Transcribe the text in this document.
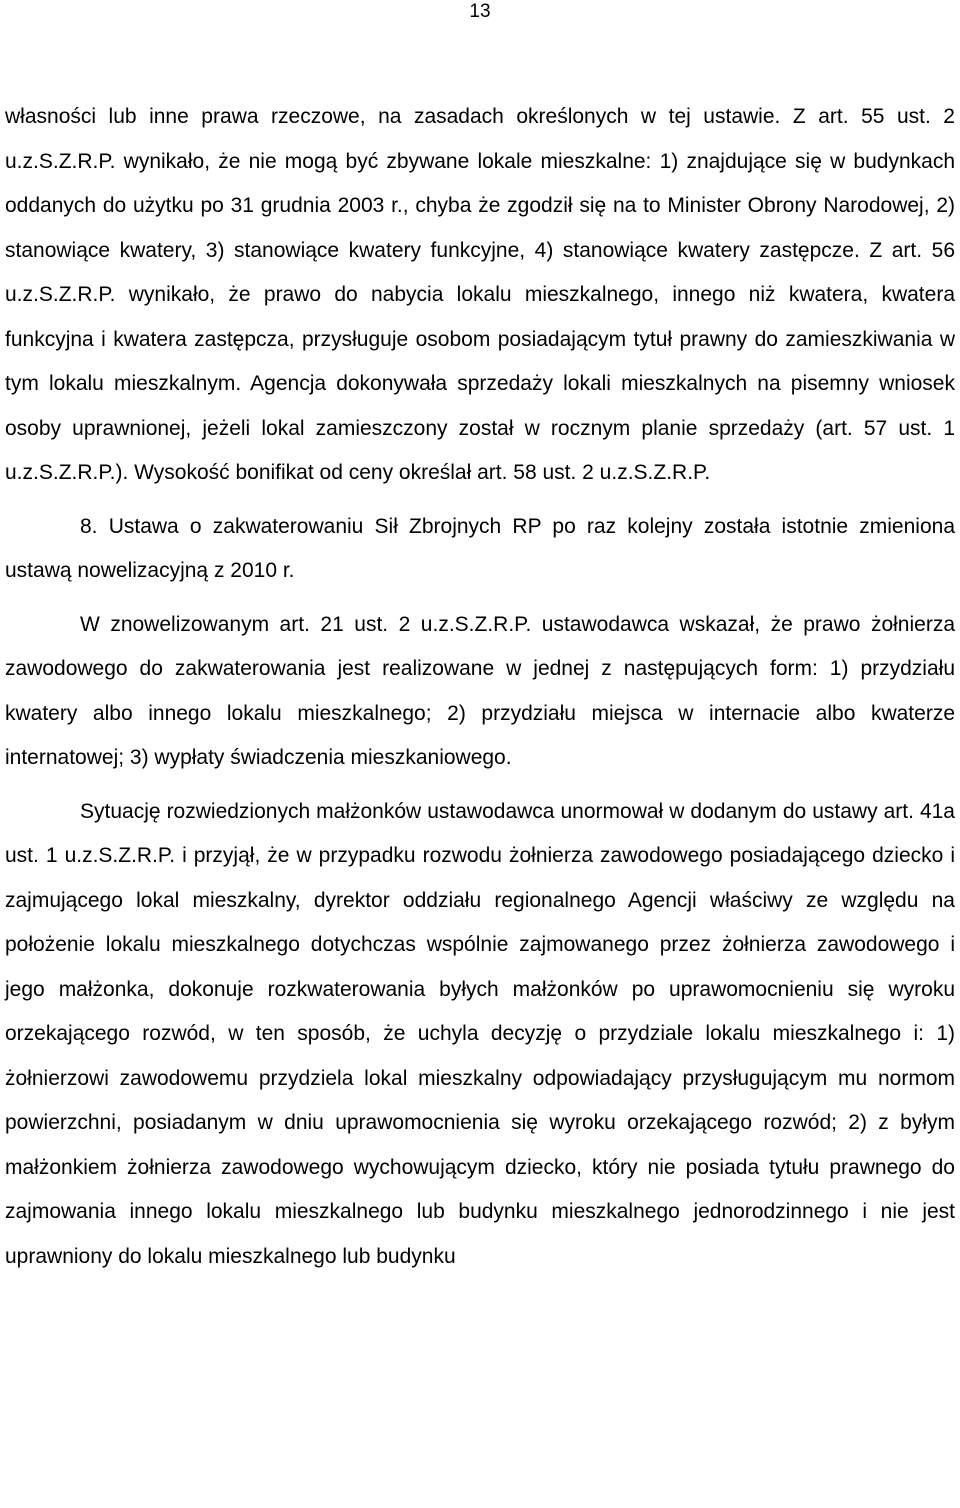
13

własności lub inne prawa rzeczowe, na zasadach określonych w tej ustawie. Z art. 55 ust. 2 u.z.S.Z.R.P. wynikało, że nie mogą być zbywane lokale mieszkalne: 1) znajdujące się w budynkach oddanych do użytku po 31 grudnia 2003 r., chyba że zgodził się na to Minister Obrony Narodowej, 2) stanowiące kwatery, 3) stanowiące kwatery funkcyjne, 4) stanowiące kwatery zastępcze. Z art. 56 u.z.S.Z.R.P. wynikało, że prawo do nabycia lokalu mieszkalnego, innego niż kwatera, kwatera funkcyjna i kwatera zastępcza, przysługuje osobom posiadającym tytuł prawny do zamieszkiwania w tym lokalu mieszkalnym. Agencja dokonywała sprzedaży lokali mieszkalnych na pisemny wniosek osoby uprawnionej, jeżeli lokal zamieszczony został w rocznym planie sprzedaży (art. 57 ust. 1 u.z.S.Z.R.P.). Wysokość bonifikat od ceny określał art. 58 ust. 2 u.z.S.Z.R.P.

8. Ustawa o zakwaterowaniu Sił Zbrojnych RP po raz kolejny została istotnie zmieniona ustawą nowelizacyjną z 2010 r.

W znowelizowanym art. 21 ust. 2 u.z.S.Z.R.P. ustawodawca wskazał, że prawo żołnierza zawodowego do zakwaterowania jest realizowane w jednej z następujących form: 1) przydziału kwatery albo innego lokalu mieszkalnego; 2) przydziału miejsca w internacie albo kwaterze internatowej; 3) wypłaty świadczenia mieszkaniowego.

Sytuację rozwiedzionych małżonków ustawodawca unormował w dodanym do ustawy art. 41a ust. 1 u.z.S.Z.R.P. i przyjął, że w przypadku rozwodu żołnierza zawodowego posiadającego dziecko i zajmującego lokal mieszkalny, dyrektor oddziału regionalnego Agencji właściwy ze względu na położenie lokalu mieszkalnego dotychczas wspólnie zajmowanego przez żołnierza zawodowego i jego małżonka, dokonuje rozkwaterowania byłych małżonków po uprawomocnieniu się wyroku orzekającego rozwód, w ten sposób, że uchyla decyzję o przydziale lokalu mieszkalnego i: 1) żołnierzowi zawodowemu przydziela lokal mieszkalny odpowiadający przysługującym mu normom powierzchni, posiadanym w dniu uprawomocnienia się wyroku orzekającego rozwód; 2) z byłym małżonkiem żołnierza zawodowego wychowującym dziecko, który nie posiada tytułu prawnego do zajmowania innego lokalu mieszkalnego lub budynku mieszkalnego jednorodzinnego i nie jest uprawniony do lokalu mieszkalnego lub budynku
